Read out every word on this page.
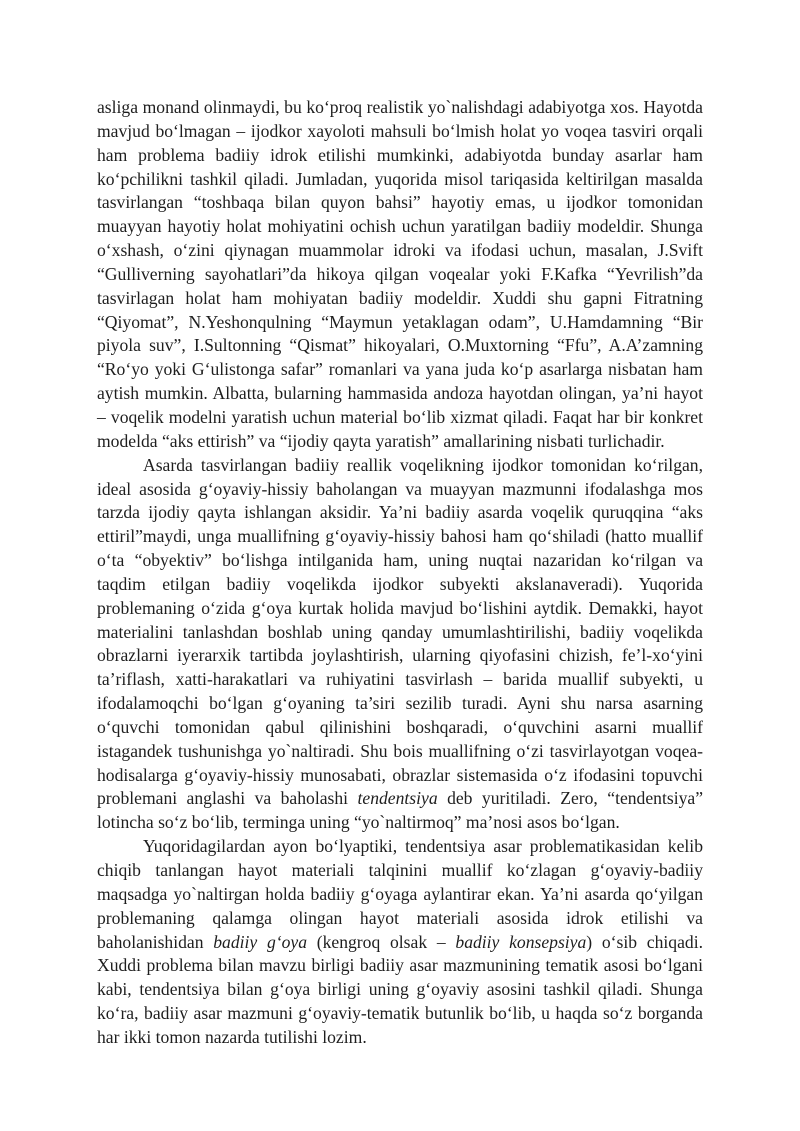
asliga monand olinmaydi, bu ko‘proq realistik yo`nalishdagi adabiyotga xos. Hayotda mavjud bo‘lmagan – ijodkor xayoloti mahsuli bo‘lmish holat yo voqea tasviri orqali ham problema badiiy idrok etilishi mumkinki, adabiyotda bunday asarlar ham ko‘pchilikni tashkil qiladi. Jumladan, yuqorida misol tariqasida keltirilgan masalda tasvirlangan “toshbaqa bilan quyon bahsi” hayotiy emas, u ijodkor tomonidan muayyan hayotiy holat mohiyatini ochish uchun yaratilgan badiiy modeldir. Shunga o‘xshash, o‘zini qiynagan muammolar idroki va ifodasi uchun, masalan, J.Svift “Gulliverning sayohatlari”da hikoya qilgan voqealar yoki F.Kafka “Yevrilish”da tasvirlagan holat ham mohiyatan badiiy modeldir. Xuddi shu gapni Fitratning “Qiyomat”, N.Yeshonqulning “Maymun yetaklagan odam”, U.Hamdamning “Bir piyola suv”, I.Sultonning “Qismat” hikoyalari, O.Muxtorning “Ffu”, A.A’zamning “Ro‘yo yoki G‘ulistonga safar” romanlari va yana juda ko‘p asarlarga nisbatan ham aytish mumkin. Albatta, bularning hammasida andoza hayotdan olingan, ya’ni hayot – voqelik modelni yaratish uchun material bo‘lib xizmat qiladi. Faqat har bir konkret modelda “aks ettirish” va “ijodiy qayta yaratish” amallarining nisbati turlichadir.

Asarda tasvirlangan badiiy reallik voqelikning ijodkor tomonidan ko‘rilgan, ideal asosida g‘oyaviy-hissiy baholangan va muayyan mazmunni ifodalashga mos tarzda ijodiy qayta ishlangan aksidir. Ya’ni badiiy asarda voqelik quruqqina “aks ettiril”maydi, unga muallifning g‘oyaviy-hissiy bahosi ham qo‘shiladi (hatto muallif o‘ta “obyektiv” bo‘lishga intilganida ham, uning nuqtai nazaridan ko‘rilgan va taqdim etilgan badiiy voqelikda ijodkor subyekti akslanaveradi). Yuqorida problemaning o‘zida g‘oya kurtak holida mavjud bo‘lishini aytdik. Demakki, hayot materialini tanlashdan boshlab uning qanday umumlashtirilishi, badiiy voqelikda obrazlarni iyerarxik tartibda joylashtirish, ularning qiyofasini chizish, fe’l-xo‘yini ta’riflash, xatti-harakatlari va ruhiyatini tasvirlash – barida muallif subyekti, u ifodalamoqchi bo‘lgan g‘oyaning ta’siri sezilib turadi. Ayni shu narsa asarning o‘quvchi tomonidan qabul qilinishini boshqaradi, o‘quvchini asarni muallif istagandek tushunishga yo`naltiradi. Shu bois muallifning o‘zi tasvirlayotgan voqea-hodisalarga g‘oyaviy-hissiy munosabati, obrazlar sistemasida o‘z ifodasini topuvchi problemani anglashi va baholashi tendentsiya deb yuritiladi. Zero, “tendentsiya” lotincha so‘z bo‘lib, terminga uning “yo`naltirmoq” ma’nosi asos bo‘lgan.

Yuqoridagilardan ayon bo‘lyaptiki, tendentsiya asar problematikasidan kelib chiqib tanlangan hayot materiali talqinini muallif ko‘zlagan g‘oyaviy-badiiy maqsadga yo`naltirgan holda badiiy g‘oyaga aylantirar ekan. Ya’ni asarda qo‘yilgan problemaning qalamga olingan hayot materiali asosida idrok etilishi va baholanishidan badiiy g‘oya (kengroq olsak – badiiy konsepsiya) o‘sib chiqadi. Xuddi problema bilan mavzu birligi badiiy asar mazmunining tematik asosi bo‘lgani kabi, tendentsiya bilan g‘oya birligi uning g‘oyaviy asosini tashkil qiladi. Shunga ko‘ra, badiiy asar mazmuni g‘oyaviy-tematik butunlik bo‘lib, u haqda so‘z borganda har ikki tomon nazarda tutilishi lozim.
